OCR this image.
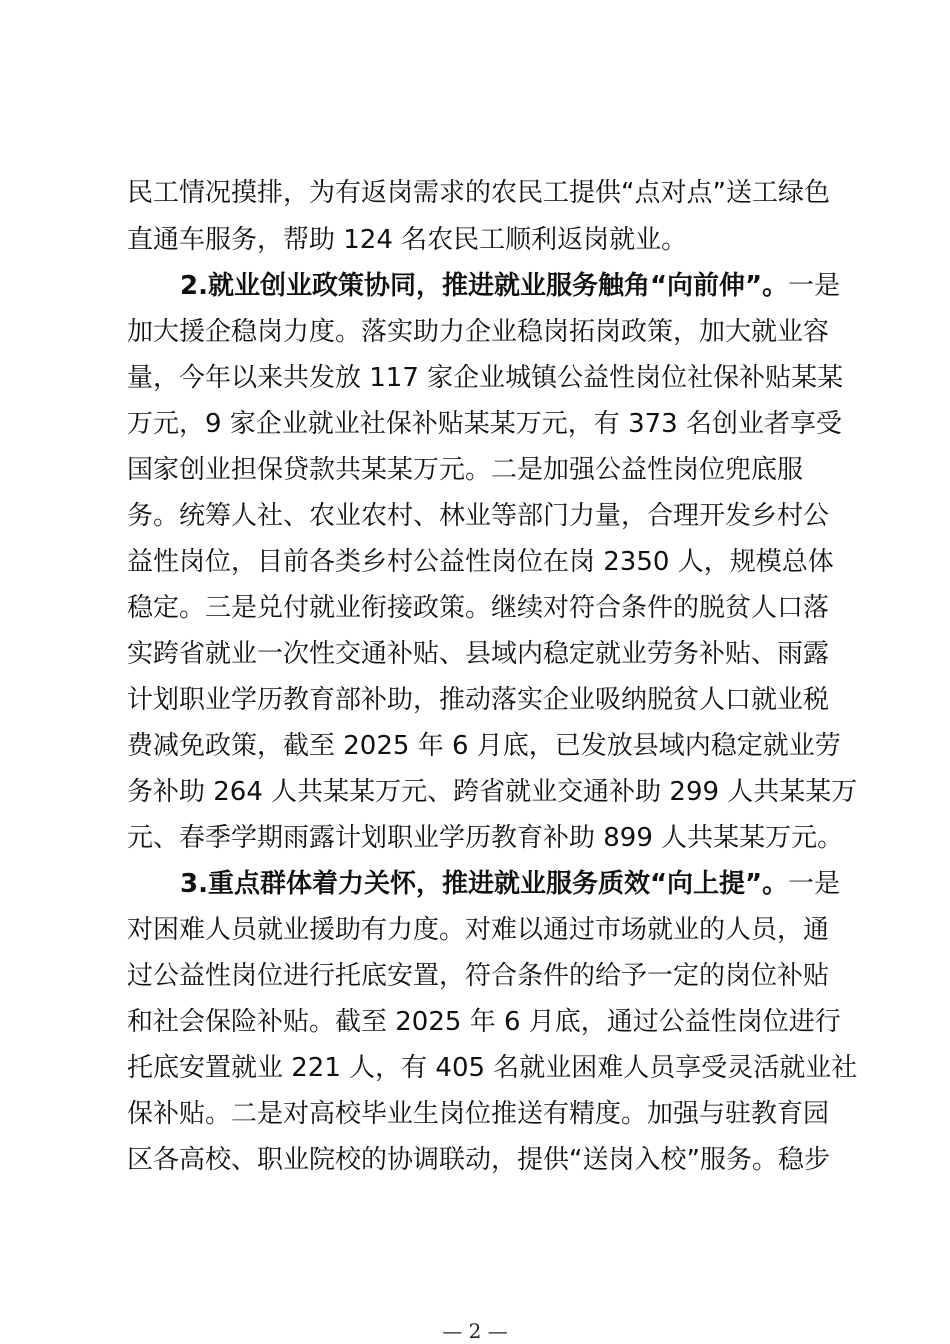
民工情况摸排，为有返岗需求的农民工提供“点对点”送工绿色
直通车服务，帮助 124 名农民工顺利返岗就业。
2.就业创业政策协同，推进就业服务触角“向前伸”。一是
加大援企稳岗力度。落实助力企业稳岗拓岗政策，加大就业容
量，今年以来共发放 117 家企业城镇公益性岗位社保补贴某某
万元，9 家企业就业社保补贴某某万元，有 373 名创业者享受
国家创业担保贷款共某某万元。二是加强公益性岗位兜底服
务。统筹人社、农业农村、林业等部门力量，合理开发乡村公
益性岗位，目前各类乡村公益性岗位在岗 2350 人，规模总体
稳定。三是兑付就业衔接政策。继续对符合条件的脱贫人口落
实跨省就业一次性交通补贴、县域内稳定就业劳务补贴、雨露
计划职业学历教育部补助，推动落实企业吸纳脱贫人口就业税
费减免政策，截至 2025 年 6 月底，已发放县域内稳定就业劳
务补助 264 人共某某万元、跨省就业交通补助 299 人共某某万
元、春季学期雨露计划职业学历教育补助 899 人共某某万元。
3.重点群体着力关怀，推进就业服务质效“向上提”。一是
对困难人员就业援助有力度。对难以通过市场就业的人员，通
过公益性岗位进行托底安置，符合条件的给予一定的岗位补贴
和社会保险补贴。截至 2025 年 6 月底，通过公益性岗位进行
托底安置就业 221 人，有 405 名就业困难人员享受灵活就业社
保补贴。二是对高校毕业生岗位推送有精度。加强与驻教育园
区各高校、职业院校的协调联动，提供“送岗入校”服务。稳步
— 2 —
